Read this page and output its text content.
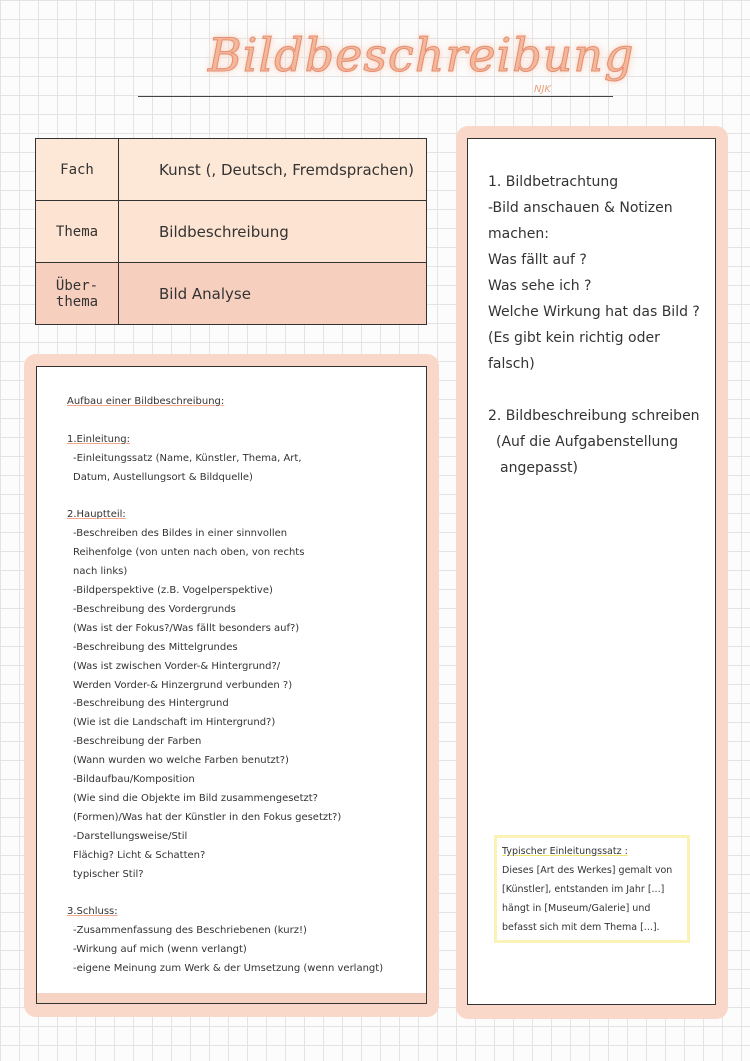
Bildbeschreibung
NJK
Fach	Kunst (, Deutsch, Fremdsprachen)
Thema	Bildbeschreibung

Über-
thema	Bild Analyse
Aufbau einer Bildbeschreibung:
1.Einleitung:
-Einleitungssatz (Name, Künstler, Thema, Art,
Datum, Austellungsort & Bildquelle)
2.Hauptteil:
-Beschreiben des Bildes in einer sinnvollen
Reihenfolge (von unten nach oben, von rechts
nach links)
-Bildperspektive (z.B. Vogelperspektive)
-Beschreibung des Vordergrunds
(Was ist der Fokus?/Was fällt besonders auf?)
-Beschreibung des Mittelgrundes
(Was ist zwischen Vorder-& Hintergrund?/
Werden Vorder-& Hinzergrund verbunden ?)
-Beschreibung des Hintergrund
(Wie ist die Landschaft im Hintergrund?)
-Beschreibung der Farben
(Wann wurden wo welche Farben benutzt?)
-Bildaufbau/Komposition
(Wie sind die Objekte im Bild zusammengesetzt?
(Formen)/Was hat der Künstler in den Fokus gesetzt?)
-Darstellungsweise/Stil
Flächig? Licht & Schatten?
typischer Stil?
3.Schluss:
-Zusammenfassung des Beschriebenen (kurz!)
-Wirkung auf mich (wenn verlangt)
-eigene Meinung zum Werk & der Umsetzung (wenn verlangt)
1. Bildbetrachtung
-Bild anschauen & Notizen
machen:
Was fällt auf ?
Was sehe ich ?
Welche Wirkung hat das Bild ?
(Es gibt kein richtig oder
falsch)
2. Bildbeschreibung schreiben
(Auf die Aufgabenstellung
angepasst)
Typischer Einleitungssatz :
Dieses [Art des Werkes] gemalt von
[Künstler], entstanden im Jahr [...]
hängt in [Museum/Galerie] und
befasst sich mit dem Thema [...].
